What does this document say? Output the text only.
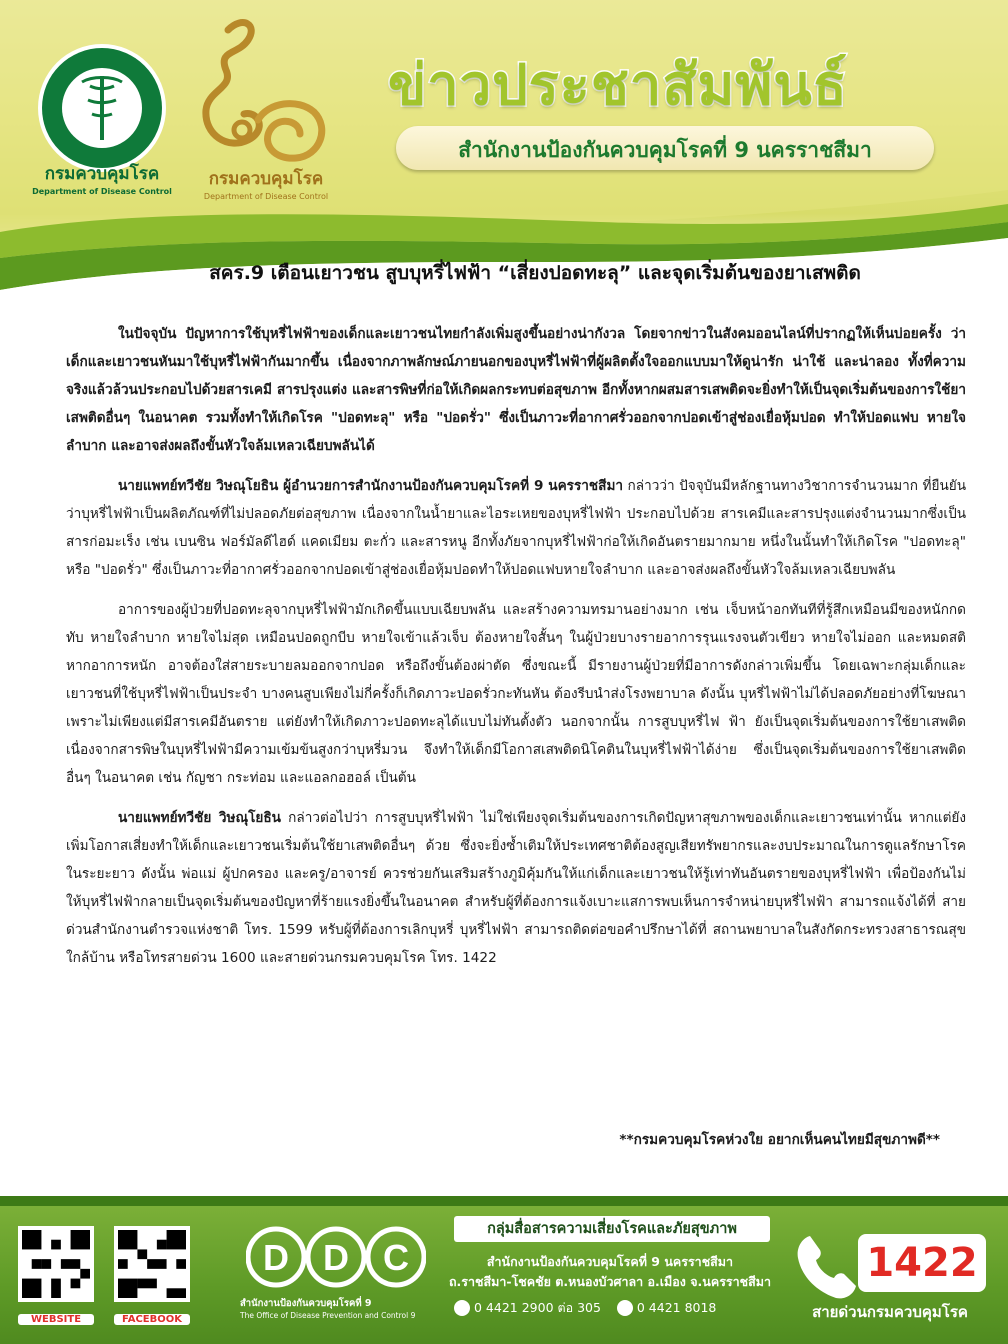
กรมควบคุมโรค
Department of Disease Control
กรมควบคุมโรค
Department of Disease Control
ข่าวประชาสัมพันธ์
สำนักงานป้องกันควบคุมโรคที่ 9 นครราชสีมา
สคร.9 เตือนเยาวชน สูบบุหรี่ไฟฟ้า “เสี่ยงปอดทะลุ” และจุดเริ่มต้นของยาเสพติด

ในปัจจุบัน ปัญหาการใช้บุหรี่ไฟฟ้าของเด็กและเยาวชนไทยกำลังเพิ่มสูงขึ้นอย่างน่ากังวล โดยจากข่าวในสังคมออนไลน์ที่ปรากฏให้เห็นบ่อยครั้ง ว่าเด็กและเยาวชนหันมาใช้บุหรี่ไฟฟ้ากันมากขึ้น เนื่องจากภาพลักษณ์ภายนอกของบุหรี่ไฟฟ้าที่ผู้ผลิตตั้งใจออกแบบมาให้ดูน่ารัก น่าใช้ และน่าลอง ทั้งที่ความจริงแล้วล้วนประกอบไปด้วยสารเคมี สารปรุงแต่ง และสารพิษที่ก่อให้เกิดผลกระทบต่อสุขภาพ อีกทั้งหากผสมสารเสพติดจะยิ่งทำให้เป็นจุดเริ่มต้นของการใช้ยาเสพติดอื่นๆ ในอนาคต รวมทั้งทำให้เกิดโรค "ปอดทะลุ" หรือ "ปอดรั่ว" ซึ่งเป็นภาวะที่อากาศรั่วออกจากปอดเข้าสู่ช่องเยื่อหุ้มปอด ทำให้ปอดแฟบ หายใจลำบาก และอาจส่งผลถึงขั้นหัวใจล้มเหลวเฉียบพลันได้

นายแพทย์ทวีชัย วิษณุโยธิน ผู้อำนวยการสำนักงานป้องกันควบคุมโรคที่ 9 นครราชสีมา กล่าวว่า ปัจจุบันมีหลักฐานทางวิชาการจำนวนมาก ที่ยืนยันว่าบุหรี่ไฟฟ้าเป็นผลิตภัณฑ์ที่ไม่ปลอดภัยต่อสุขภาพ เนื่องจากในน้ำยาและไอระเหยของบุหรี่ไฟฟ้า ประกอบไปด้วย สารเคมีและสารปรุงแต่งจำนวนมากซึ่งเป็นสารก่อมะเร็ง เช่น เบนซิน ฟอร์มัลดีไฮด์ แคดเมียม ตะกั่ว และสารหนู อีกทั้งภัยจากบุหรี่ไฟฟ้าก่อให้เกิดอันตรายมากมาย หนึ่งในนั้นทำให้เกิดโรค "ปอดทะลุ" หรือ "ปอดรั่ว" ซึ่งเป็นภาวะที่อากาศรั่วออกจากปอดเข้าสู่ช่องเยื่อหุ้มปอดทำให้ปอดแฟบหายใจลำบาก และอาจส่งผลถึงขั้นหัวใจล้มเหลวเฉียบพลัน

อาการของผู้ป่วยที่ปอดทะลุจากบุหรี่ไฟฟ้ามักเกิดขึ้นแบบเฉียบพลัน และสร้างความทรมานอย่างมาก เช่น เจ็บหน้าอกทันทีที่รู้สึกเหมือนมีของหนักกดทับ หายใจลำบาก หายใจไม่สุด เหมือนปอดถูกบีบ หายใจเข้าแล้วเจ็บ ต้องหายใจสั้นๆ ในผู้ป่วยบางรายอาการรุนแรงจนตัวเขียว หายใจไม่ออก และหมดสติ หากอาการหนัก อาจต้องใส่สายระบายลมออกจากปอด หรือถึงขั้นต้องผ่าตัด ซึ่งขณะนี้ มีรายงานผู้ป่วยที่มีอาการดังกล่าวเพิ่มขึ้น โดยเฉพาะกลุ่มเด็กและเยาวชนที่ใช้บุหรี่ไฟฟ้าเป็นประจำ บางคนสูบเพียงไม่กี่ครั้งก็เกิดภาวะปอดรั่วกะทันหัน ต้องรีบนำส่งโรงพยาบาล ดังนั้น บุหรี่ไฟฟ้าไม่ได้ปลอดภัยอย่างที่โฆษณา เพราะไม่เพียงแต่มีสารเคมีอันตราย แต่ยังทำให้เกิดภาวะปอดทะลุได้แบบไม่ทันตั้งตัว นอกจากนั้น การสูบบุหรี่ไฟ ฟ้า ยังเป็นจุดเริ่มต้นของการใช้ยาเสพติด เนื่องจากสารพิษในบุหรี่ไฟฟ้ามีความเข้มข้นสูงกว่าบุหรี่มวน จึงทำให้เด็กมีโอกาสเสพติดนิโคตินในบุหรี่ไฟฟ้าได้ง่าย ซึ่งเป็นจุดเริ่มต้นของการใช้ยาเสพติดอื่นๆ ในอนาคต เช่น กัญชา กระท่อม และแอลกอฮอล์ เป็นต้น

นายแพทย์ทวีชัย วิษณุโยธิน กล่าวต่อไปว่า การสูบบุหรี่ไฟฟ้า ไม่ใช่เพียงจุดเริ่มต้นของการเกิดปัญหาสุขภาพของเด็กและเยาวชนเท่านั้น หากแต่ยังเพิ่มโอกาสเสี่ยงทำให้เด็กและเยาวชนเริ่มต้นใช้ยาเสพติดอื่นๆ ด้วย ซึ่งจะยิ่งซ้ำเติมให้ประเทศชาติต้องสูญเสียทรัพยากรและงบประมาณในการดูแลรักษาโรคในระยะยาว ดังนั้น พ่อแม่ ผู้ปกครอง และครู/อาจารย์ ควรช่วยกันเสริมสร้างภูมิคุ้มกันให้แก่เด็กและเยาวชนให้รู้เท่าทันอันตรายของบุหรี่ไฟฟ้า เพื่อป้องกันไม่ให้บุหรี่ไฟฟ้ากลายเป็นจุดเริ่มต้นของปัญหาที่ร้ายแรงยิ่งขึ้นในอนาคต สำหรับผู้ที่ต้องการแจ้งเบาะแสการพบเห็นการจำหน่ายบุหรี่ไฟฟ้า สามารถแจ้งได้ที่ สายด่วนสำนักงานตำรวจแห่งชาติ โทร. 1599 หรับผู้ที่ต้องการเลิกบุหรี่ บุหรี่ไฟฟ้า สามารถติดต่อขอคำปรึกษาได้ที่ สถานพยาบาลในสังกัดกระทรวงสาธารณสุขใกล้บ้าน หรือโทรสายด่วน 1600 และสายด่วนกรมควบคุมโรค โทร. 1422

**กรมควบคุมโรคห่วงใย อยากเห็นคนไทยมีสุขภาพดี**
WEBSITE	FACEBOOK
D D C
สำนักงานป้องกันควบคุมโรคที่ 9
The Office of Disease Prevention and Control 9
กลุ่มสื่อสารความเสี่ยงโรคและภัยสุขภาพ
สำนักงานป้องกันควบคุมโรคที่ 9 นครราชสีมา
ถ.ราชสีมา-โชคชัย ต.หนองบัวศาลา อ.เมือง จ.นครราชสีมา
0 4421 2900 ต่อ 305	0 4421 8018
1422
สายด่วนกรมควบคุมโรค
